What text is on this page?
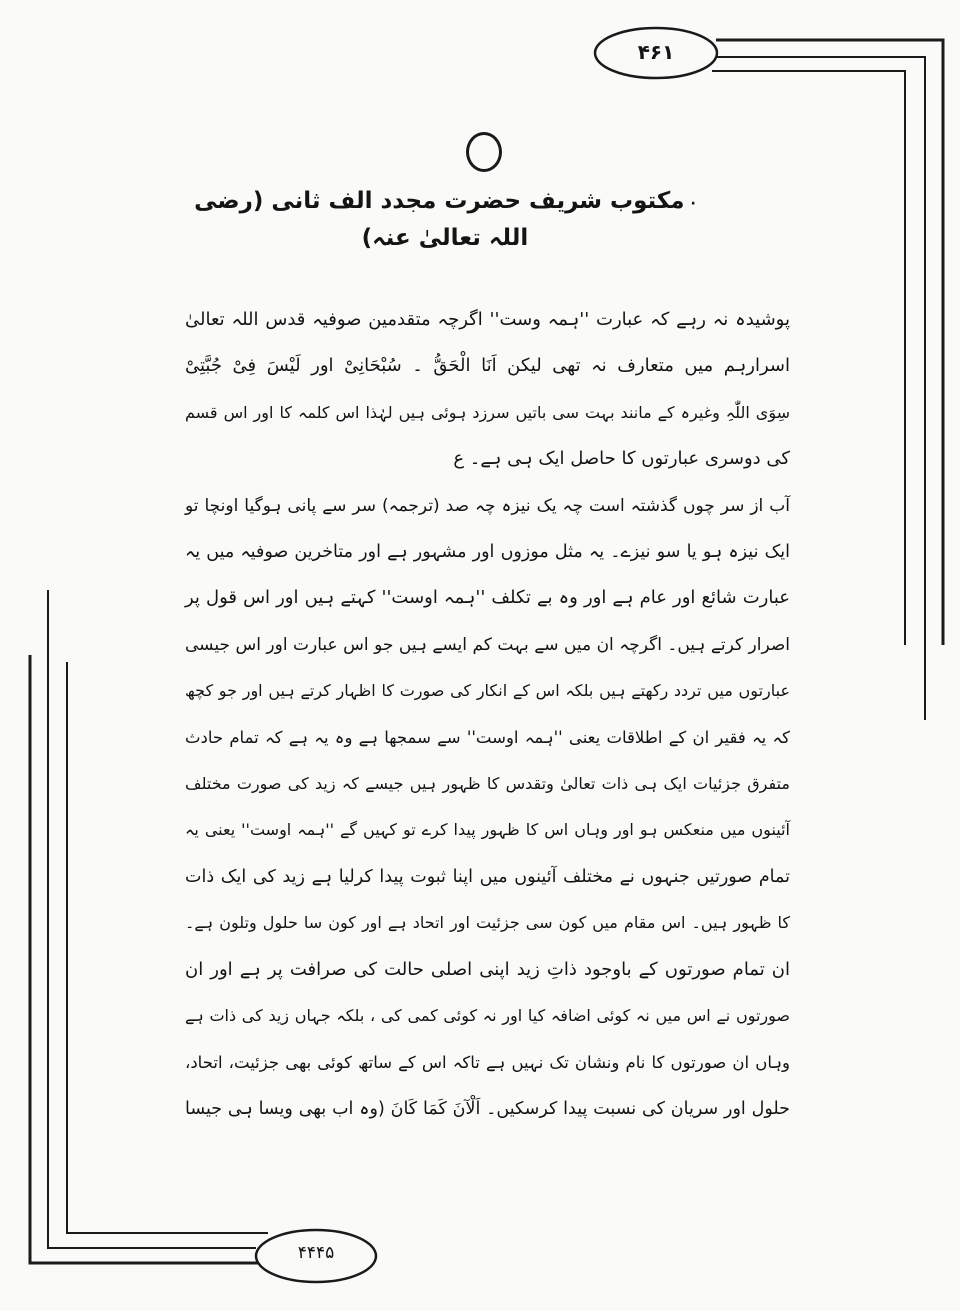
۴۶۱
۴۴۴۵
·مکتوب شریف حضرت مجدد الف ثانی (رضی اللہ تعالیٰ عنہ)
پوشیدہ نہ رہے کہ عبارت ''ہمہ وست'' اگرچہ متقدمین صوفیہ قدس اللہ تعالیٰ
اسرارہم میں متعارف نہ تھی لیکن اَنَا الْحَقُّ ۔ سُبْحَانِیْ اور لَیْسَ فِیْ جُبَّتِیْ
سِوَی اللّٰہِ وغیرہ کے مانند بہت سی باتیں سرزد ہوئی ہیں لہٰذا اس کلمہ کا اور اس قسم
کی دوسری عبارتوں کا حاصل ایک ہی ہے۔ ع
آب از سر چوں گذشتہ است چہ یک نیزہ چہ صد (ترجمہ) سر سے پانی ہوگیا اونچا تو
ایک نیزہ ہو یا سو نیزے۔ یہ مثل موزوں اور مشہور ہے اور متاخرین صوفیہ میں یہ
عبارت شائع اور عام ہے اور وہ بے تکلف ''ہمہ اوست'' کہتے ہیں اور اس قول پر
اصرار کرتے ہیں۔ اگرچہ ان میں سے بہت کم ایسے ہیں جو اس عبارت اور اس جیسی
عبارتوں میں تردد رکھتے ہیں بلکہ اس کے انکار کی صورت کا اظہار کرتے ہیں اور جو کچھ
کہ یہ فقیر ان کے اطلاقات یعنی ''ہمہ اوست'' سے سمجھا ہے وہ یہ ہے کہ تمام حادث
متفرق جزئیات ایک ہی ذات تعالیٰ وتقدس کا ظہور ہیں جیسے کہ زید کی صورت مختلف
آئینوں میں منعکس ہو اور وہاں اس کا ظہور پیدا کرے تو کہیں گے ''ہمہ اوست'' یعنی یہ
تمام صورتیں جنہوں نے مختلف آئینوں میں اپنا ثبوت پیدا کرلیا ہے زید کی ایک ذات
کا ظہور ہیں۔ اس مقام میں کون سی جزئیت اور اتحاد ہے اور کون سا حلول وتلون ہے۔
ان تمام صورتوں کے باوجود ذاتِ زید اپنی اصلی حالت کی صرافت پر ہے اور ان
صورتوں نے اس میں نہ کوئی اضافہ کیا اور نہ کوئی کمی کی ، بلکہ جہاں زید کی ذات ہے
وہاں ان صورتوں کا نام ونشان تک نہیں ہے تاکہ اس کے ساتھ کوئی بھی جزئیت، اتحاد،
حلول اور سریان کی نسبت پیدا کرسکیں۔ اَلْآنَ کَمَا کَانَ (وہ اب بھی ویسا ہی جیسا
